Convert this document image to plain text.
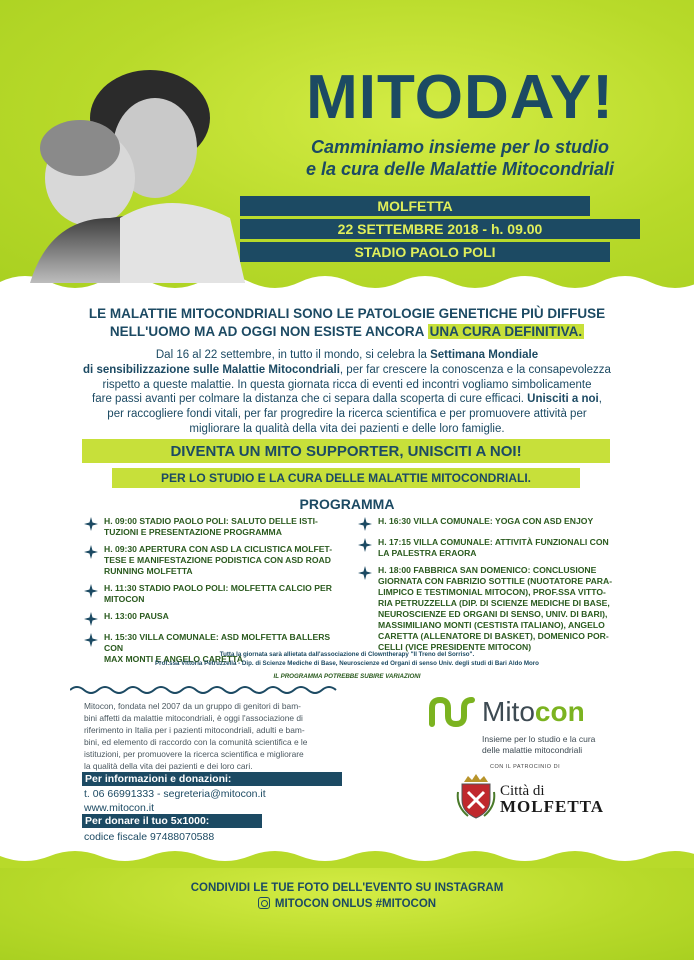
MITODAY!
Camminiamo insieme per lo studio
e la cura delle Malattie Mitocondriali
MOLFETTA
22 SETTEMBRE 2018 - h. 09.00
STADIO PAOLO POLI
LE MALATTIE MITOCONDRIALI SONO LE PATOLOGIE GENETICHE PIÙ DIFFUSE
NELL'UOMO MA AD OGGI NON ESISTE ANCORA UNA CURA DEFINITIVA.
Dal 16 al 22 settembre, in tutto il mondo, si celebra la Settimana Mondiale
di sensibilizzazione sulle Malattie Mitocondriali, per far crescere la conoscenza e la consapevolezza
rispetto a queste malattie. In questa giornata ricca di eventi ed incontri vogliamo simbolicamente
fare passi avanti per colmare la distanza che ci separa dalla scoperta di cure efficaci. Unisciti a noi,
per raccogliere fondi vitali, per far progredire la ricerca scientifica e per promuovere attività per
migliorare la qualità della vita dei pazienti e delle loro famiglie.
DIVENTA UN MITO SUPPORTER, UNISCITI A NOI!
PER LO STUDIO E LA CURA DELLE MALATTIE MITOCONDRIALI.
PROGRAMMA
H. 09:00 STADIO PAOLO POLI: SALUTO DELLE ISTI-
TUZIONI E PRESENTAZIONE PROGRAMMA
H. 09:30 APERTURA CON ASD LA CICLISTICA MOLFET-
TESE E MANIFESTAZIONE PODISTICA CON ASD ROAD
RUNNING MOLFETTA
H. 11:30 STADIO PAOLO POLI: MOLFETTA CALCIO PER
MITOCON
H. 13:00 PAUSA
H. 15:30 VILLA COMUNALE: ASD MOLFETTA BALLERS CON
MAX MONTI E ANGELO CARETTA
H. 16:30 VILLA COMUNALE: YOGA CON ASD ENJOY
H. 17:15 VILLA COMUNALE: ATTIVITÀ FUNZIONALI CON
LA PALESTRA ERAORA
H. 18:00 FABBRICA SAN DOMENICO: CONCLUSIONE
GIORNATA CON FABRIZIO SOTTILE (NUOTATORE PARA-
LIMPICO E TESTIMONIAL MITOCON), PROF.SSA VITTO-
RIA PETRUZZELLA (DIP. DI SCIENZE MEDICHE DI BASE,
NEUROSCIENZE ED ORGANI DI SENSO, UNIV. DI BARI),
MASSIMILIANO MONTI (CESTISTA ITALIANO), ANGELO
CARETTA (ALLENATORE DI BASKET), DOMENICO POR-
CELLI (VICE PRESIDENTE MITOCON)
Tutta la giornata sarà allietata dall'associazione di Clowntherapy "Il Treno del Sorriso".
Prof.ssa Vittoria Petruzzella - Dip. di Scienze Mediche di Base, Neuroscienze ed Organi di senso Univ. degli studi di Bari Aldo Moro
IL PROGRAMMA POTREBBE SUBIRE VARIAZIONI
Mitocon, fondata nel 2007 da un gruppo di genitori di bam-
bini affetti da malattie mitocondriali, è oggi l'associazione di
riferimento in Italia per i pazienti mitocondriali, adulti e bam-
bini, ed elemento di raccordo con la comunità scientifica e le
istituzioni, per promuovere la ricerca scientifica e migliorare
la qualità della vita dei pazienti e dei loro cari.
Per informazioni e donazioni:
t. 06 66991333 - segreteria@mitocon.it
www.mitocon.it
Per donare il tuo 5x1000:
codice fiscale 97488070588
Mitocon
Insieme per lo studio e la cura
delle malattie mitocondriali
CON IL PATROCINIO DI
Città di
MOLFETTA
CONDIVIDI LE TUE FOTO DELL'EVENTO SU INSTAGRAM
MITOCON ONLUS #MITOCON
